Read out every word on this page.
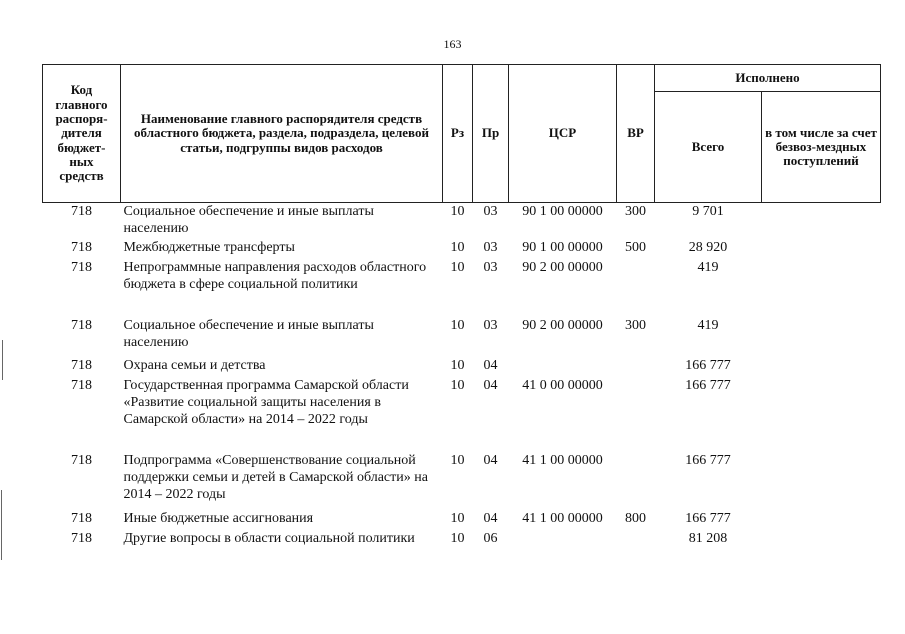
163
Код главного распоря-дителя бюджет-ных средств	Наименование главного распорядителя средств областного бюджета, раздела, подраздела, целевой статьи, подгруппы видов расходов	Рз	Пр	ЦСР	ВР	Исполнено	
						Всего	в том числе за счет безвоз-мездных поступлений
718	Социальное обеспечение и иные выплаты населению	10	03	90 1 00 00000	300	9 701	
718	Межбюджетные трансферты	10	03	90 1 00 00000	500	28 920	
718	Непрограммные направления расходов областного бюджета в сфере социальной политики	10	03	90 2 00 00000		419	
718	Социальное обеспечение и иные выплаты населению	10	03	90 2 00 00000	300	419	
718	Охрана семьи и детства	10	04			166 777	
718	Государственная программа Самарской области «Развитие социальной защиты населения в Самарской области» на 2014 – 2022 годы	10	04	41 0 00 00000		166 777	
718	Подпрограмма «Совершенствование социальной поддержки семьи и детей в Самарской области» на 2014 – 2022 годы	10	04	41 1 00 00000		166 777	
718	Иные бюджетные ассигнования	10	04	41 1 00 00000	800	166 777	
718	Другие вопросы в области социальной политики	10	06			81 208	
